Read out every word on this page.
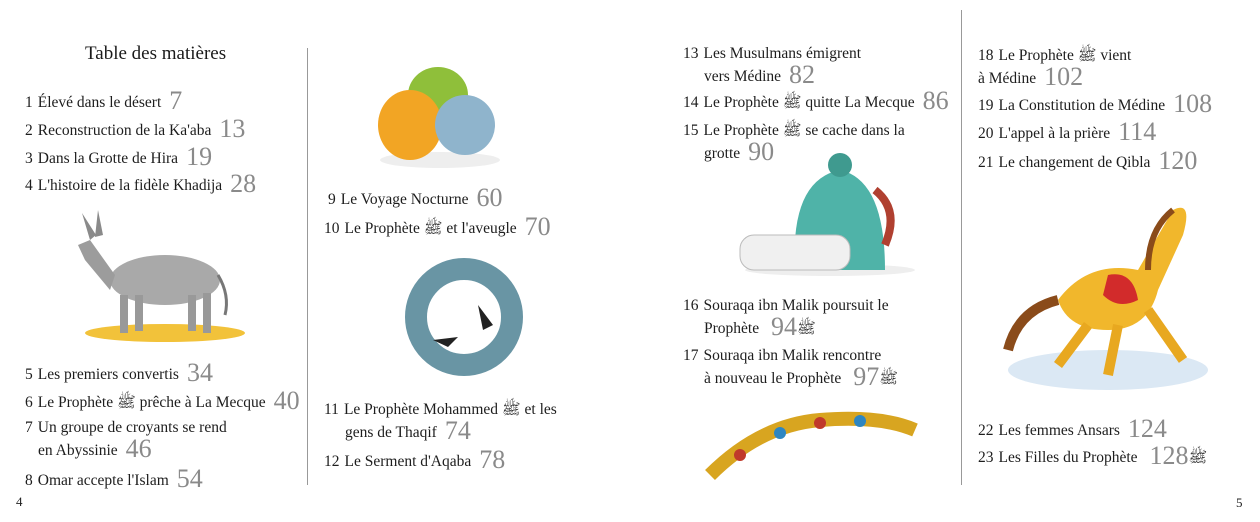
Table des matières
4	5
1 Élevé dans le désert 7
2 Reconstruction de la Ka'aba 13
3 Dans la Grotte de Hira 19
4 L'histoire de la fidèle Khadija 28
5 Les premiers convertis 34
6 Le Prophète ﷺ prêche à La Mecque 40
7 Un groupe de croyants se rend
en Abyssinie 46
8 Omar accepte l'Islam 54
9 Le Voyage Nocturne 60
10 Le Prophète ﷺ et l'aveugle 70
11 Le Prophète Mohammed ﷺ et les
gens de Thaqif 74
12 Le Serment d'Aqaba 78
13 Les Musulmans émigrent
vers Médine 82
14 Le Prophète ﷺ quitte La Mecque 86
15 Le Prophète ﷺ se cache dans la
grotte 90
16 Souraqa ibn Malik poursuit le
Prophète ﷺ94
17 Souraqa ibn Malik rencontre
à nouveau le Prophète ﷺ97
18 Le Prophète ﷺ vient
à Médine 102
19 La Constitution de Médine 108
20 L'appel à la prière 114
21 Le changement de Qibla 120
22 Les femmes Ansars 124
23 Les Filles du Prophète ﷺ128
